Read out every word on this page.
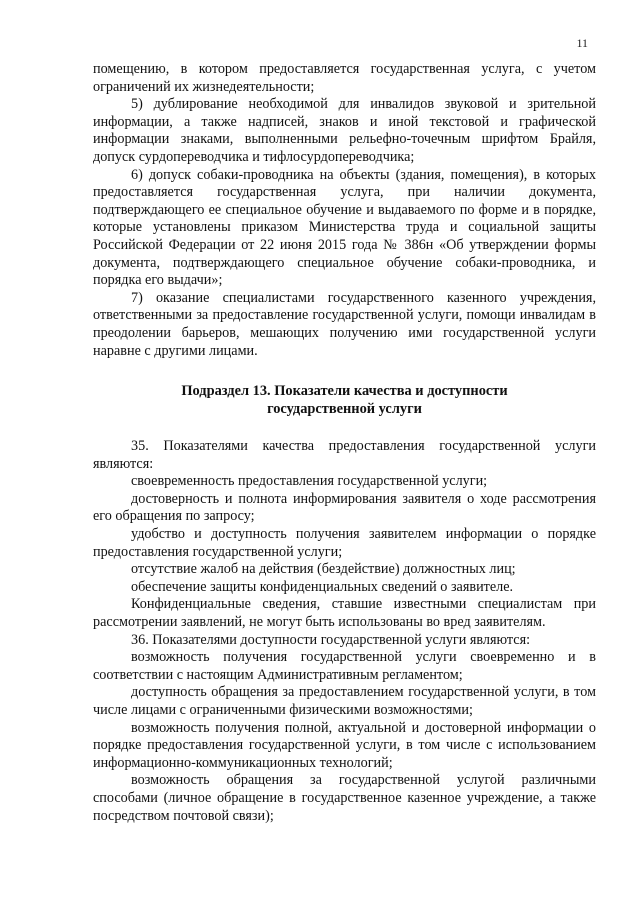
11

помещению, в котором предоставляется государственная услуга, с учетом ограничений их жизнедеятельности;

5) дублирование необходимой для инвалидов звуковой и зрительной информации, а также надписей, знаков и иной текстовой и графической информации знаками, выполненными рельефно-точечным шрифтом Брайля, допуск сурдопереводчика и тифлосурдопереводчика;

6) допуск собаки-проводника на объекты (здания, помещения), в которых предоставляется государственная услуга, при наличии документа, подтверждающего ее специальное обучение и выдаваемого по форме и в порядке, которые установлены приказом Министерства труда и социальной защиты Российской Федерации от 22 июня 2015 года № 386н «Об утверждении формы документа, подтверждающего специальное обучение собаки-проводника, и порядка его выдачи»;

7) оказание специалистами государственного казенного учреждения, ответственными за предоставление государственной услуги, помощи инвалидам в преодолении барьеров, мешающих получению ими государственной услуги наравне с другими лицами.

Подраздел 13. Показатели качества и доступности
государственной услуги

35. Показателями качества предоставления государственной услуги являются:

своевременность предоставления государственной услуги;

достоверность и полнота информирования заявителя о ходе рассмотрения его обращения по запросу;

удобство и доступность получения заявителем информации о порядке предоставления государственной услуги;

отсутствие жалоб на действия (бездействие) должностных лиц;

обеспечение защиты конфиденциальных сведений о заявителе.

Конфиденциальные сведения, ставшие известными специалистам при рассмотрении заявлений, не могут быть использованы во вред заявителям.

36. Показателями доступности государственной услуги являются:

возможность получения государственной услуги своевременно и в соответствии с настоящим Административным регламентом;

доступность обращения за предоставлением государственной услуги, в том числе лицами с ограниченными физическими возможностями;

возможность получения полной, актуальной и достоверной информации о порядке предоставления государственной услуги, в том числе с использованием информационно-коммуникационных технологий;

возможность обращения за государственной услугой различными способами (личное обращение в государственное казенное учреждение, а также посредством почтовой связи);
